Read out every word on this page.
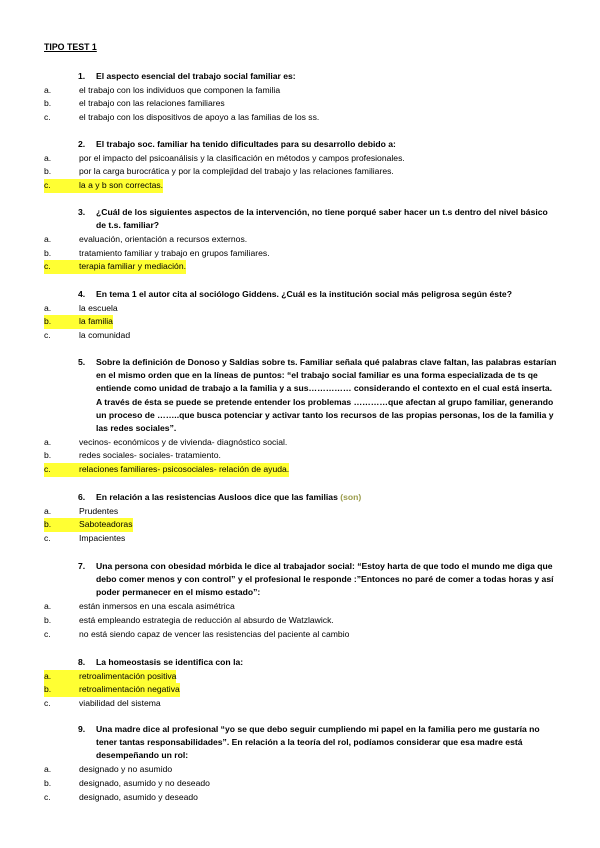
TIPO TEST 1
1. El aspecto esencial del trabajo social familiar es:
a.	el trabajo con los individuos que componen la familia
b.	el trabajo con las relaciones familiares
c.	el trabajo con los dispositivos de apoyo a las familias de los ss.
2. El trabajo soc. familiar ha tenido dificultades para su desarrollo debido a:
a.	por el impacto del psicoanálisis y la clasificación en métodos y campos profesionales.
b.	por la carga burocrática y por la complejidad del trabajo y las relaciones familiares.
c.	la a y b son correctas.
3. ¿Cuál de los siguientes aspectos de la intervención, no tiene porqué saber hacer un t.s dentro del nivel básico de t.s. familiar?
a.	evaluación, orientación a recursos externos.
b.	tratamiento familiar y trabajo en grupos familiares.
c.	terapia familiar y mediación.
4. En tema 1 el autor cita al sociólogo Giddens. ¿Cuál es la institución social más peligrosa según éste?
a.	la escuela
b.	la familia
c.	la comunidad
5. Sobre la definición de Donoso y Saldias sobre ts. Familiar señala qué palabras clave faltan, las palabras estarían en el mismo orden que en la líneas de puntos: “el trabajo social familiar es una forma especializada de ts qe entiende como unidad de trabajo a la familia y a sus…………… considerando el contexto en el cual está inserta. A través de ésta se puede se pretende entender los problemas …………que afectan al grupo familiar, generando un proceso de ……..que busca potenciar y activar tanto los recursos de las propias personas, los de la familia y las redes sociales”.
a.	vecinos- económicos y de vivienda- diagnóstico social.
b.	redes sociales- sociales- tratamiento.
c.	relaciones familiares- psicosociales- relación de ayuda.
6. En relación a las resistencias Ausloos dice que las familias (son)
a.	Prudentes
b.	Saboteadoras
c.	Impacientes
7. Una persona con obesidad mórbida le dice al trabajador social: “Estoy harta de que todo el mundo me diga que debo comer menos y con control” y el profesional le responde :”Entonces no paré de comer a todas horas y así poder permanecer en el mismo estado”:
a.	están inmersos en una escala asimétrica
b.	está empleando estrategia de reducción al absurdo de Watzlawick.
c.	no está siendo capaz de vencer las resistencias del paciente al cambio
8. La homeostasis se identifica con la:
a.	retroalimentación positiva
b.	retroalimentación negativa
c.	viabilidad del sistema
9. Una madre dice al profesional “yo se que debo seguir cumpliendo mi papel en la familia pero me gustaría no tener tantas responsabilidades”. En relación a la teoría del rol, podíamos considerar que esa madre está desempeñando un rol:
a.	designado y no asumido
b.	designado, asumido y no deseado
c.	designado, asumido y deseado
